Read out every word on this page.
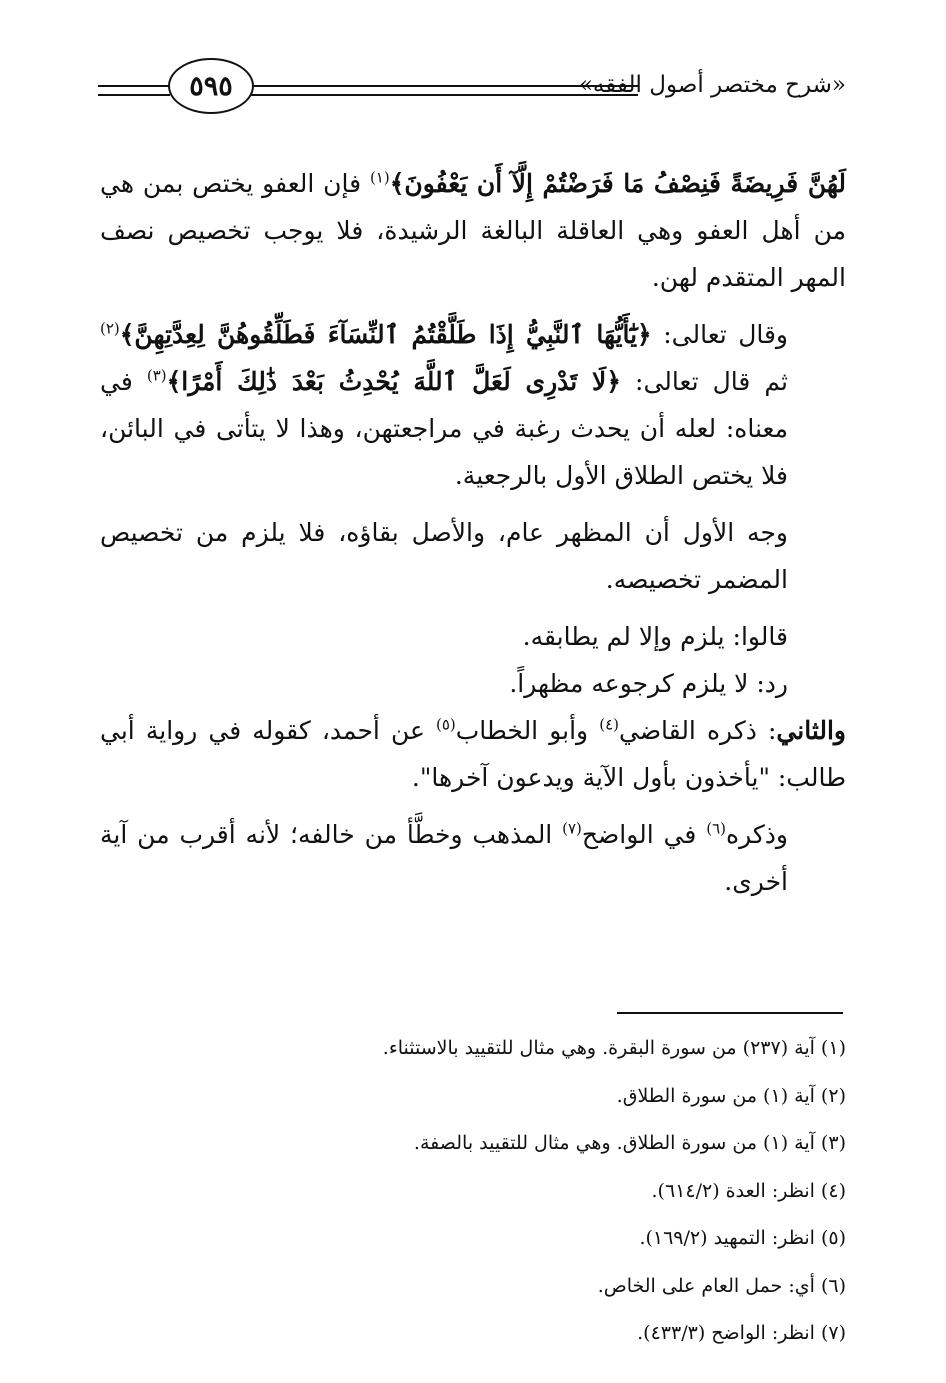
٥٩٥	«شرح مختصر أصول الفقه»

لَهُنَّ فَرِيضَةً فَنِصْفُ مَا فَرَضْتُمْ إِلَّآ أَن يَعْفُونَ﴾$^{(١)}$ فإن العفو يختص بمن هي من أهل العفو وهي العاقلة البالغة الرشيدة، فلا يوجب تخصيص نصف المهر المتقدم لهن.

وقال تعالى: ﴿يَٰٓأَيُّهَا ٱلنَّبِيُّ إِذَا طَلَّقْتُمُ ٱلنِّسَآءَ فَطَلِّقُوهُنَّ لِعِدَّتِهِنَّ﴾$^{(٢)}$ ثم قال تعالى: ﴿لَا تَدْرِى لَعَلَّ ٱللَّهَ يُحْدِثُ بَعْدَ ذَٰلِكَ أَمْرًا﴾$^{(٣)}$ في معناه: لعله أن يحدث رغبة في مراجعتهن، وهذا لا يتأتى في البائن، فلا يختص الطلاق الأول بالرجعية.

وجه الأول أن المظهر عام، والأصل بقاؤه، فلا يلزم من تخصيص المضمر تخصيصه.

قالوا: يلزم وإلا لم يطابقه.

رد: لا يلزم كرجوعه مظهراً.

والثاني: ذكره القاضي$^{(٤)}$ وأبو الخطاب$^{(٥)}$ عن أحمد، كقوله في رواية أبي طالب: "يأخذون بأول الآية ويدعون آخرها".

وذكره$^{(٦)}$ في الواضح$^{(٧)}$ المذهب وخطَّأ من خالفه؛ لأنه أقرب من آية أخرى.

(١) آية (٢٣٧) من سورة البقرة. وهي مثال للتقييد بالاستثناء.

(٢) آية (١) من سورة الطلاق.

(٣) آية (١) من سورة الطلاق. وهي مثال للتقييد بالصفة.

(٤) انظر: العدة (٦١٤/٢).

(٥) انظر: التمهيد (١٦٩/٢).

(٦) أي: حمل العام على الخاص.

(٧) انظر: الواضح (٤٣٣/٣).
